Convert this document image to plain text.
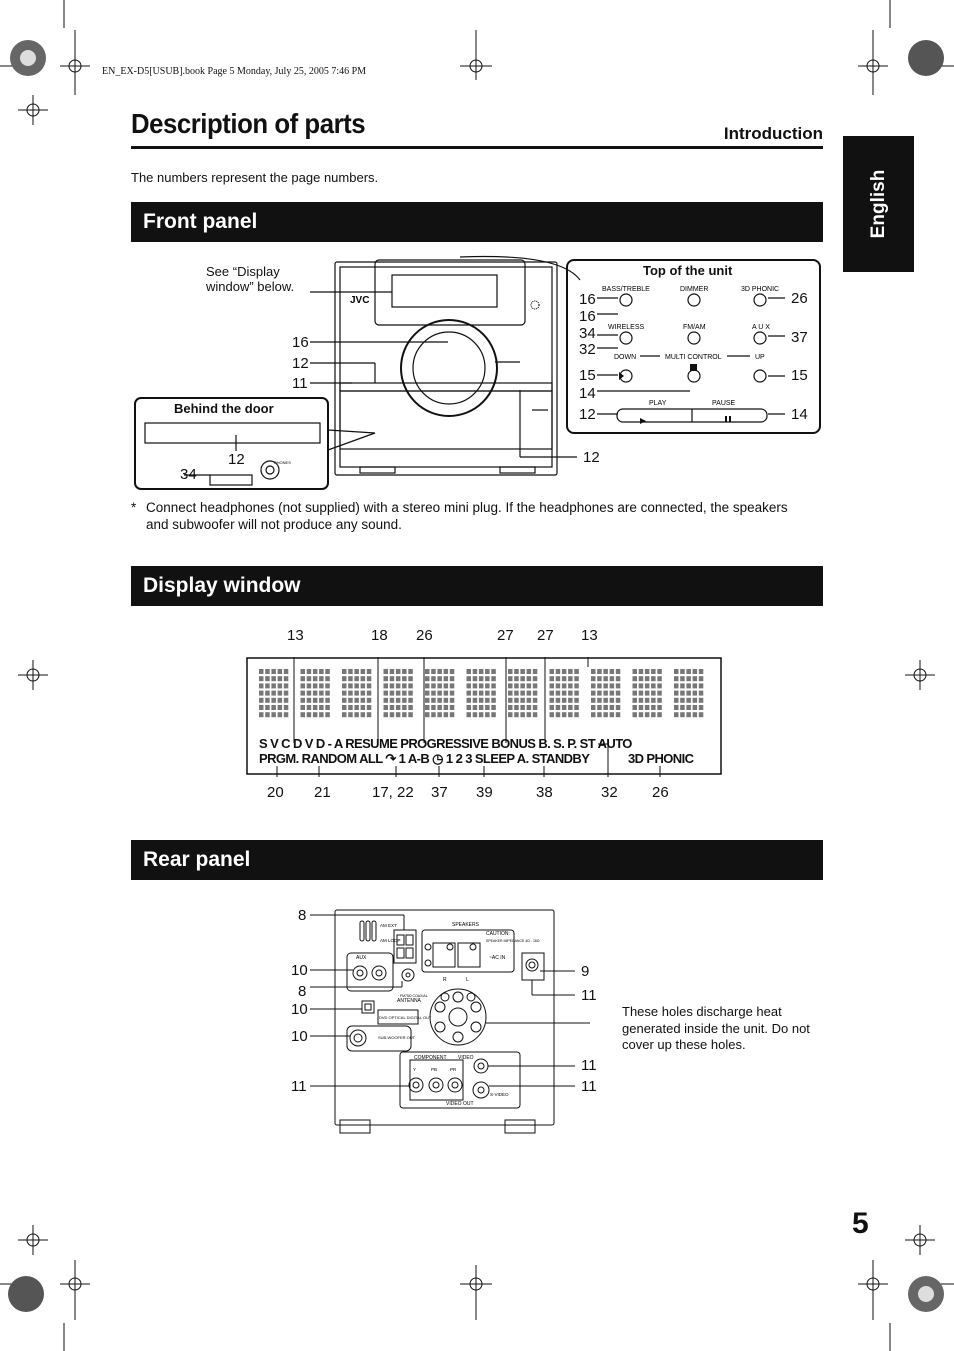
EN_EX-D5[USUB].book Page 5 Monday, July 25, 2005 7:46 PM
Description of parts	Introduction
The numbers represent the page numbers.	English
Front panel
JVC
PHONES
BASS/TREBLE	DIMMER	3D PHONIC
WIRELESS	FM/AM	A U X
DOWN	MULTI CONTROL	UP
PLAY	PAUSE
See “Display window” below.
Behind the door
Top of the unit
16
12
11
12
34
12
16
16
34
32
15
14
12
26
37
15
14
* Connect headphones (not supplied) with a stereo mini plug. If the headphones are connected, the speakers and subwoofer will not produce any sound.
Display window
13	18 26	27 27 13
S V C D V D - A RESUME PROGRESSIVE BONUS B. S. P. ST AUTO
PRGM. RANDOM ALL ↷ 1 A-B ◷ 1 2 3 SLEEP A. STANDBY	3D PHONIC
20 21	17, 22 37 39	38	32 26
Rear panel
AM EXT
AM LOOP
AUX
FM75Ω COAXIAL
ANTENNA
DVD OPTICAL DIGITAL OUT
SUB-WOOFER OUT
SPEAKERS
CAUTION:
SPEAKER IMPEDANCE 4Ω - 16Ω
~AC IN
R	L
COMPONENT VIDEO
S-VIDEO
VIDEO OUT
Y	PB	PR
8
10
8
10
10
11
9
11
11
11
These holes discharge heat generated inside the unit. Do not cover up these holes.
5
